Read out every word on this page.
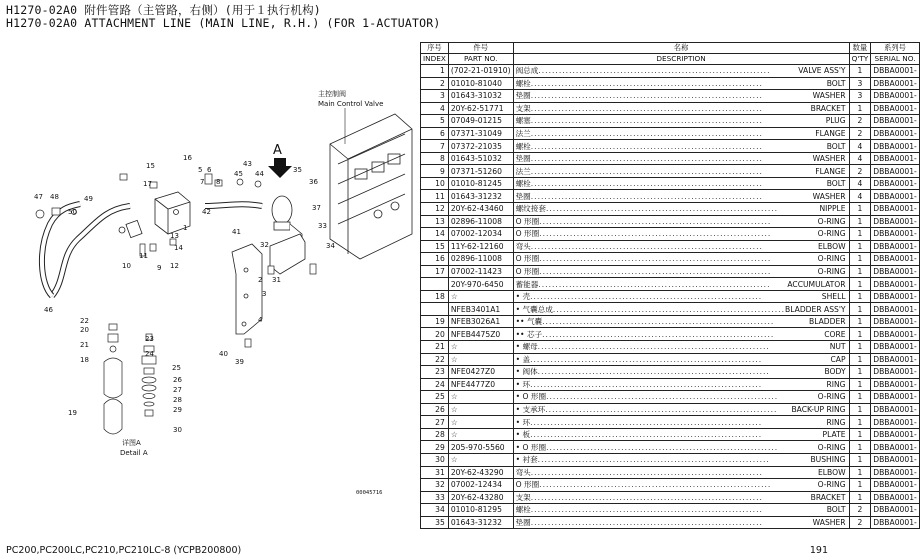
H1270-02A0 附件管路（主管路，右侧）(用于１执行机构)
H1270-02A0 ATTACHMENT LINE (MAIN LINE, R.H.) (FOR 1-ACTUATOR)
主控制阀
Main Control Valve
A
详图A
Detail A
15
16
17
5 6
7 8
43
45 44
42
41
47 48	49
50
10
11
12
9
13
14
1
32
31
35
36
37
33
34
2
3
4
40
39
46
22
23
20
24
21
25
26
27
28
29
30
19
18
00045716
序号	件号	名称	数量	系列号
INDEX	PART NO.	DESCRIPTION	Q'TY	SERIAL NO.
1	(702-21-01910)	阀总成 ..... VALVE ASS'Y	1	DBBA0001-
2	01010-81040	螺栓 ..... BOLT	3	DBBA0001-
3	01643-31032	垫圈 ..... WASHER	3	DBBA0001-
4	20Y-62-51771	支架 ..... BRACKET	1	DBBA0001-
5	07049-01215	螺塞 ..... PLUG	2	DBBA0001-
6	07371-31049	法兰 ..... FLANGE	2	DBBA0001-
7	07372-21035	螺栓 ..... BOLT	4	DBBA0001-
8	01643-51032	垫圈 ..... WASHER	4	DBBA0001-
9	07371-51260	法兰 ..... FLANGE	2	DBBA0001-
10	01010-81245	螺栓 ..... BOLT	4	DBBA0001-
11	01643-31232	垫圈 ..... WASHER	4	DBBA0001-
12	20Y-62-43460	螺纹接套 ..... NIPPLE	1	DBBA0001-
13	02896-11008	O 形圈 ..... O-RING	1	DBBA0001-
14	07002-12034	O 形圈 ..... O-RING	1	DBBA0001-
15	11Y-62-12160	弯头 ..... ELBOW	1	DBBA0001-
16	02896-11008	O 形圈 ..... O-RING	1	DBBA0001-
17	07002-11423	O 形圈 ..... O-RING	1	DBBA0001-
	20Y-970-6450	蓄能器 ..... ACCUMULATOR	1	DBBA0001-
18	☆	• 壳 ..... SHELL	1	DBBA0001-
	NFEB3401A1	• 气囊总成 ..... BLADDER ASS'Y	1	DBBA0001-
19	NFEB3026A1	•• 气囊 ..... BLADDER	1	DBBA0001-
20	NFEB4475Z0	•• 芯子 ..... CORE	1	DBBA0001-
21	☆	• 螺母 ..... NUT	1	DBBA0001-
22	☆	• 盖 ..... CAP	1	DBBA0001-
23	NFE0427Z0	• 阀体 ..... BODY	1	DBBA0001-
24	NFE4477Z0	• 环 ..... RING	1	DBBA0001-
25	☆	• O 形圈 ..... O-RING	1	DBBA0001-
26	☆	• 支承环 ..... BACK-UP RING	1	DBBA0001-
27	☆	• 环 ..... RING	1	DBBA0001-
28	☆	• 板 ..... PLATE	1	DBBA0001-
29	205-970-5560	• O 形圈 ..... O-RING	1	DBBA0001-
30	☆	• 衬套 ..... BUSHING	1	DBBA0001-
31	20Y-62-43290	弯头 ..... ELBOW	1	DBBA0001-
32	07002-12434	O 形圈 ..... O-RING	1	DBBA0001-
33	20Y-62-43280	支架 ..... BRACKET	1	DBBA0001-
34	01010-81295	螺栓 ..... BOLT	2	DBBA0001-
35	01643-31232	垫圈 ..... WASHER	2	DBBA0001-
PC200,PC200LC,PC210,PC210LC-8 (YCPB200800)	191
